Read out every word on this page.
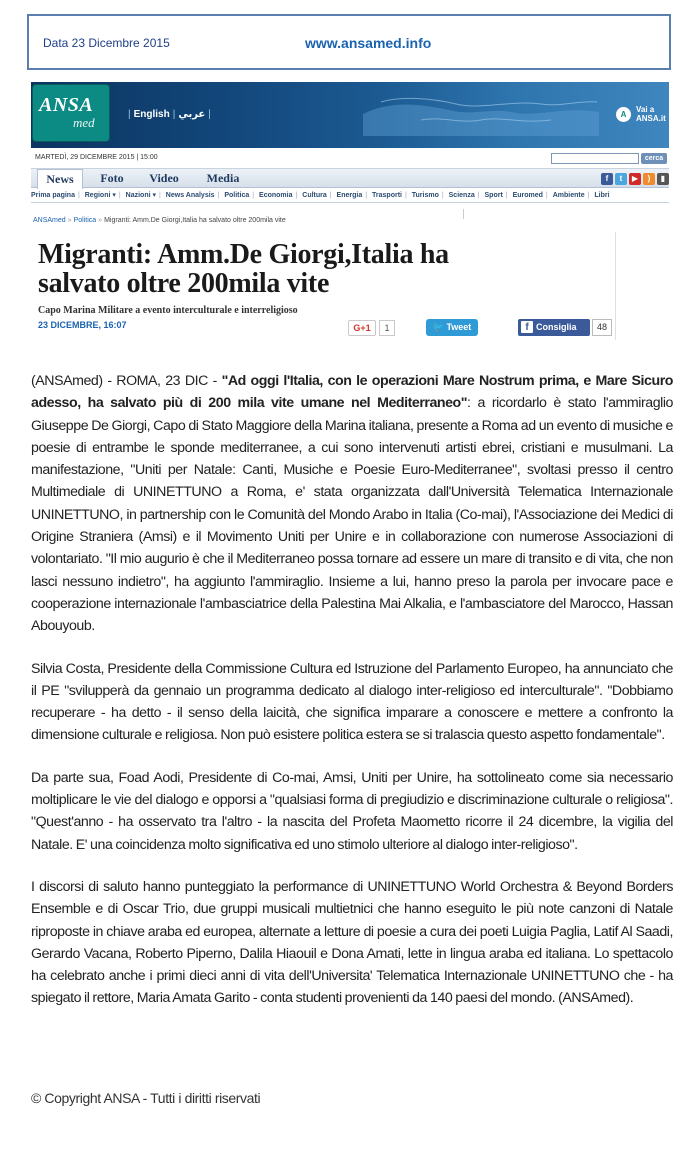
Data 23 Dicembre 2015	www.ansamed.info
ANSA
med
| English | عربي |	A
Vai a
ANSA.it
MARTEDÌ, 29 DICEMBRE 2015 | 15:00	cerca
News	Foto	Video	Media	f	t	▶	)	▮
Prima pagina | Regioni ▾ | Nazioni ▾ | News Analysis | Politica | Economia | Cultura | Energia | Trasporti | Turismo | Scienza | Sport | Euromed | Ambiente | Libri
ANSAmed » Politica » Migranti: Amm.De Giorgi,Italia ha salvato oltre 200mila vite
Migranti: Amm.De Giorgi,Italia ha
salvato oltre 200mila vite
Capo Marina Militare a evento interculturale e interreligioso
23 DICEMBRE, 16:07	G+1	1	🐦 Tweet	f Consiglia	48

(ANSAmed) - ROMA, 23 DIC - "Ad oggi l'Italia, con le operazioni Mare Nostrum prima, e Mare Sicuro adesso, ha salvato più di 200 mila vite umane nel Mediterraneo": a ricordarlo è stato l'ammiraglio Giuseppe De Giorgi, Capo di Stato Maggiore della Marina italiana, presente a Roma ad un evento di musiche e poesie di entrambe le sponde mediterranee, a cui sono intervenuti artisti ebrei, cristiani e musulmani. La manifestazione, "Uniti per Natale: Canti, Musiche e Poesie Euro-Mediterranee", svoltasi presso il centro Multimediale di UNINETTUNO a Roma, e' stata organizzata dall'Università Telematica Internazionale UNINETTUNO, in partnership con le Comunità del Mondo Arabo in Italia (Co-mai), l'Associazione dei Medici di Origine Straniera (Amsi) e il Movimento Uniti per Unire e in collaborazione con numerose Associazioni di volontariato. "Il mio augurio è che il Mediterraneo possa tornare ad essere un mare di transito e di vita, che non lasci nessuno indietro", ha aggiunto l'ammiraglio. Insieme a lui, hanno preso la parola per invocare pace e cooperazione internazionale l'ambasciatrice della Palestina Mai Alkalia, e l'ambasciatore del Marocco, Hassan Abouyoub.

Silvia Costa, Presidente della Commissione Cultura ed Istruzione del Parlamento Europeo, ha annunciato che il PE "svilupperà da gennaio un programma dedicato al dialogo inter-religioso ed interculturale". "Dobbiamo recuperare - ha detto - il senso della laicità, che significa imparare a conoscere e mettere a confronto la dimensione culturale e religiosa. Non può esistere politica estera se si tralascia questo aspetto fondamentale".

Da parte sua, Foad Aodi, Presidente di Co-mai, Amsi, Uniti per Unire, ha sottolineato come sia necessario moltiplicare le vie del dialogo e opporsi a "qualsiasi forma di pregiudizio e discriminazione culturale o religiosa". "Quest'anno - ha osservato tra l'altro - la nascita del Profeta Maometto ricorre il 24 dicembre, la vigilia del Natale. E' una coincidenza molto significativa ed uno stimolo ulteriore al dialogo inter-religioso".

I discorsi di saluto hanno punteggiato la performance di UNINETTUNO World Orchestra & Beyond Borders Ensemble e di Oscar Trio, due gruppi musicali multietnici che hanno eseguito le più note canzoni di Natale riproposte in chiave araba ed europea, alternate a letture di poesie a cura dei poeti Luigia Paglia, Latif Al Saadi, Gerardo Vacana, Roberto Piperno, Dalila Hiaouil e Dona Amati, lette in lingua araba ed italiana. Lo spettacolo ha celebrato anche i primi dieci anni di vita dell'Universita' Telematica Internazionale UNINETTUNO che - ha spiegato il rettore, Maria Amata Garito - conta studenti provenienti da 140 paesi del mondo. (ANSAmed).

© Copyright ANSA - Tutti i diritti riservati
